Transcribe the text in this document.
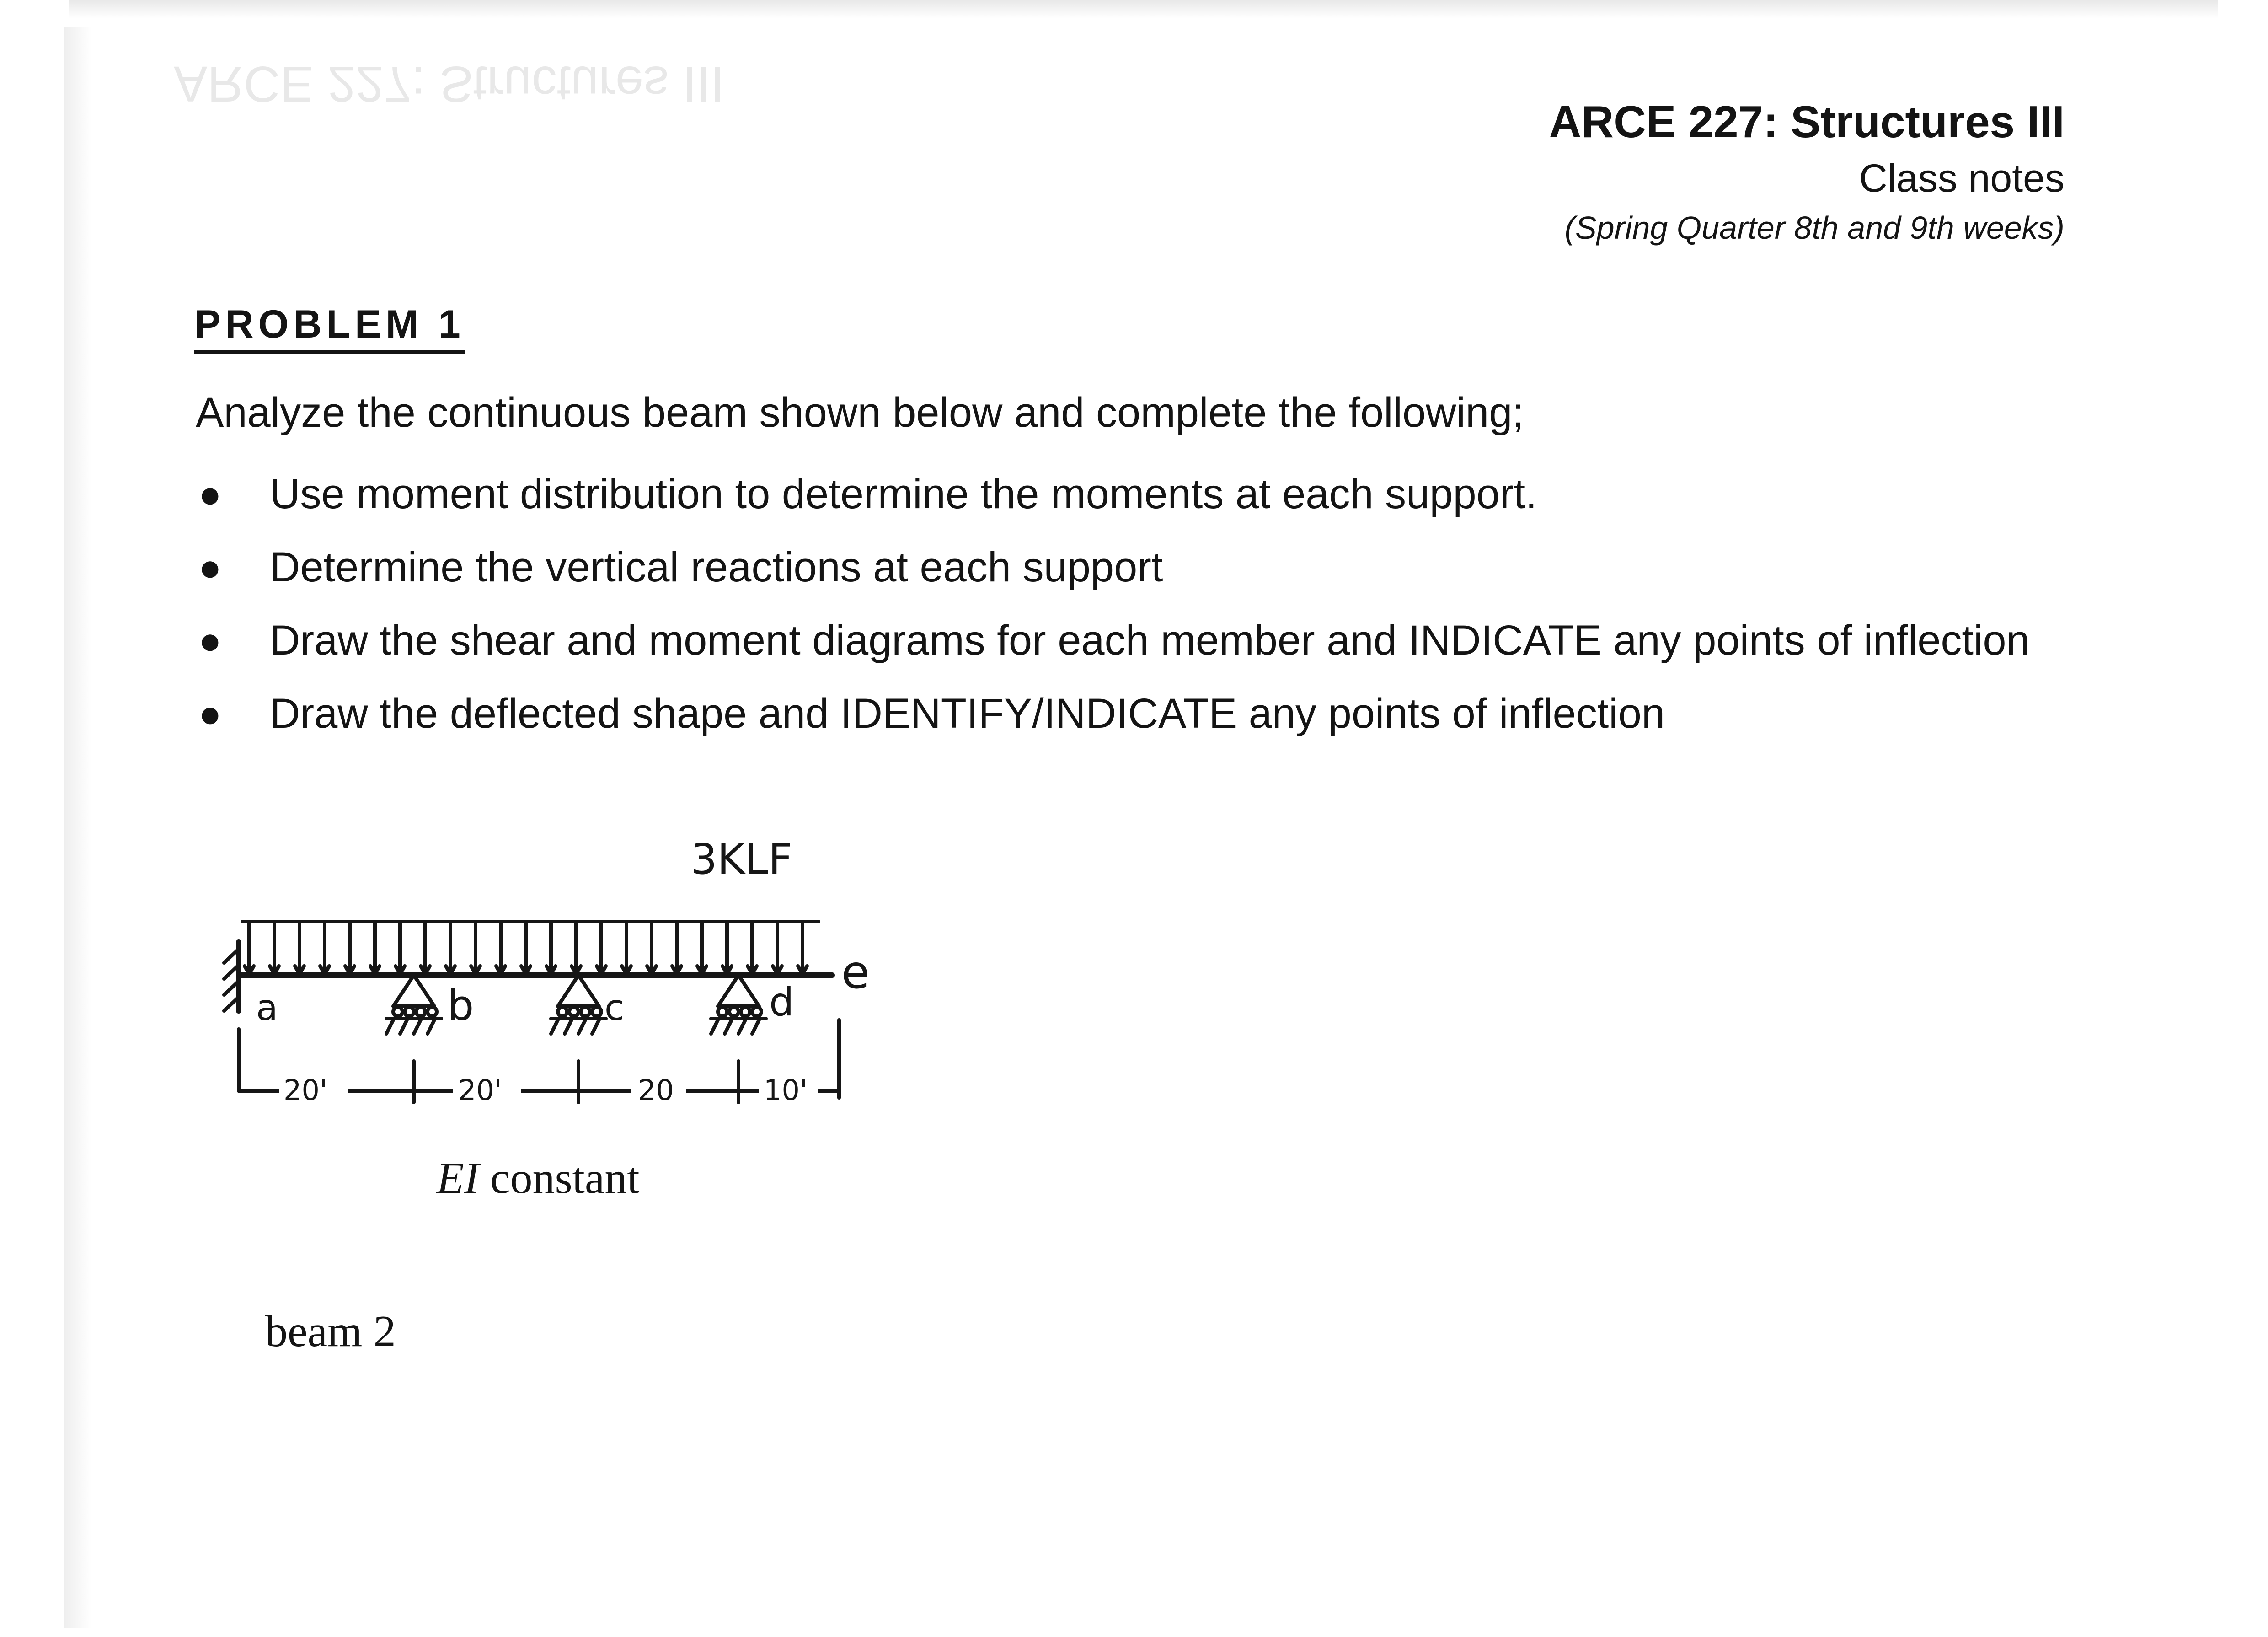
ARCE 227: Structures III
ARCE 227: Structures III
Class notes
(Spring Quarter 8th and 9th weeks)
PROBLEM 1
Analyze the continuous beam shown below and complete the following;
● Use moment distribution to determine the moments at each support.
● Determine the vertical reactions at each support
● Draw the shear and moment diagrams for each member and INDICATE any points of inflection
● Draw the deflected shape and IDENTIFY/INDICATE any points of inflection
3KLF
a	b	c	d
e
20'	20'	20	10'
EI constant
beam 2
